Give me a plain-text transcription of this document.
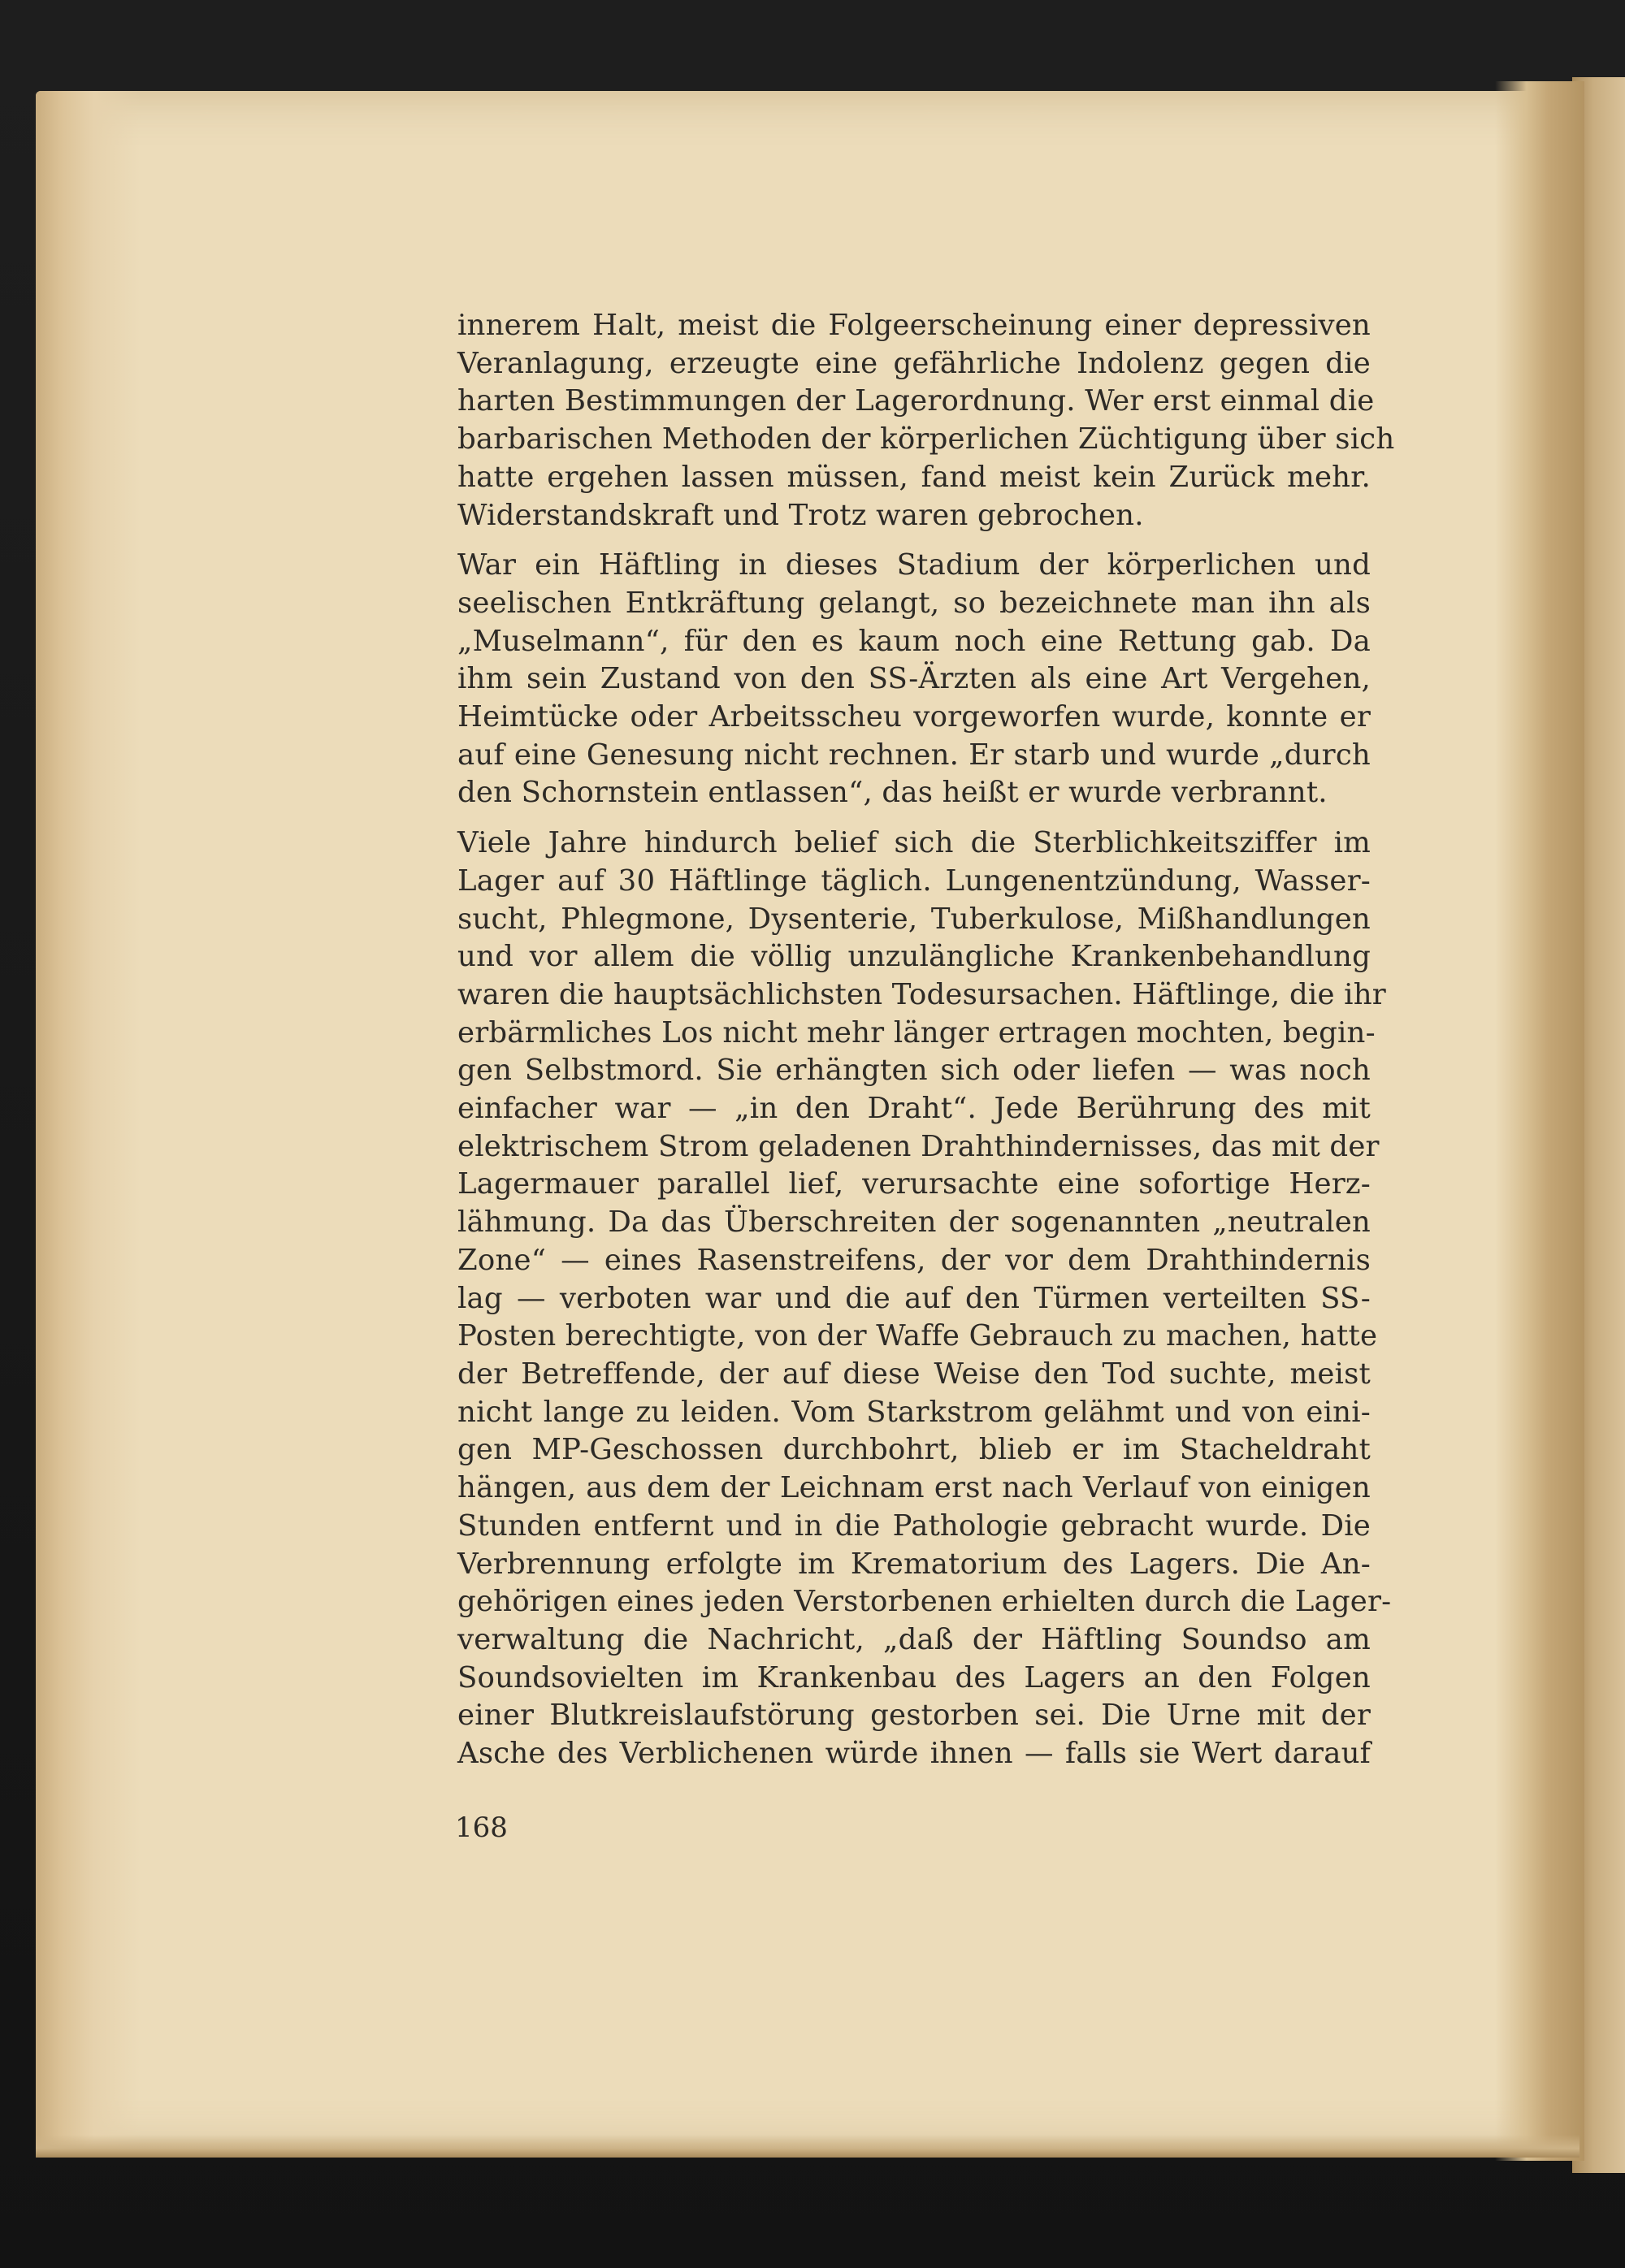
innerem Halt, meist die Folgeerscheinung einer depressiven
Veranlagung, erzeugte eine gefährliche Indolenz gegen die
harten Bestimmungen der Lagerordnung. Wer erst einmal die
barbarischen Methoden der körperlichen Züchtigung über sich
hatte ergehen lassen müssen, fand meist kein Zurück mehr.
Widerstandskraft und Trotz waren gebrochen.

War ein Häftling in dieses Stadium der körperlichen und
seelischen Entkräftung gelangt, so bezeichnete man ihn als
„Muselmann“, für den es kaum noch eine Rettung gab. Da
ihm sein Zustand von den SS-Ärzten als eine Art Vergehen,
Heimtücke oder Arbeitsscheu vorgeworfen wurde, konnte er
auf eine Genesung nicht rechnen. Er starb und wurde „durch
den Schornstein entlassen“, das heißt er wurde verbrannt.

Viele Jahre hindurch belief sich die Sterblichkeitsziffer im
Lager auf 30 Häftlinge täglich. Lungenentzündung, Wasser-
sucht, Phlegmone, Dysenterie, Tuberkulose, Mißhandlungen
und vor allem die völlig unzulängliche Krankenbehandlung
waren die hauptsächlichsten Todesursachen. Häftlinge, die ihr
erbärmliches Los nicht mehr länger ertragen mochten, begin-
gen Selbstmord. Sie erhängten sich oder liefen — was noch
einfacher war — „in den Draht“. Jede Berührung des mit
elektrischem Strom geladenen Drahthindernisses, das mit der
Lagermauer parallel lief, verursachte eine sofortige Herz-
lähmung. Da das Überschreiten der sogenannten „neutralen
Zone“ — eines Rasenstreifens, der vor dem Drahthindernis
lag — verboten war und die auf den Türmen verteilten SS-
Posten berechtigte, von der Waffe Gebrauch zu machen, hatte
der Betreffende, der auf diese Weise den Tod suchte, meist
nicht lange zu leiden. Vom Starkstrom gelähmt und von eini-
gen MP-Geschossen durchbohrt, blieb er im Stacheldraht
hängen, aus dem der Leichnam erst nach Verlauf von einigen
Stunden entfernt und in die Pathologie gebracht wurde. Die
Verbrennung erfolgte im Krematorium des Lagers. Die An-
gehörigen eines jeden Verstorbenen erhielten durch die Lager-
verwaltung die Nachricht, „daß der Häftling Soundso am
Soundsovielten im Krankenbau des Lagers an den Folgen
einer Blutkreislaufstörung gestorben sei. Die Urne mit der
Asche des Verblichenen würde ihnen — falls sie Wert darauf

168
